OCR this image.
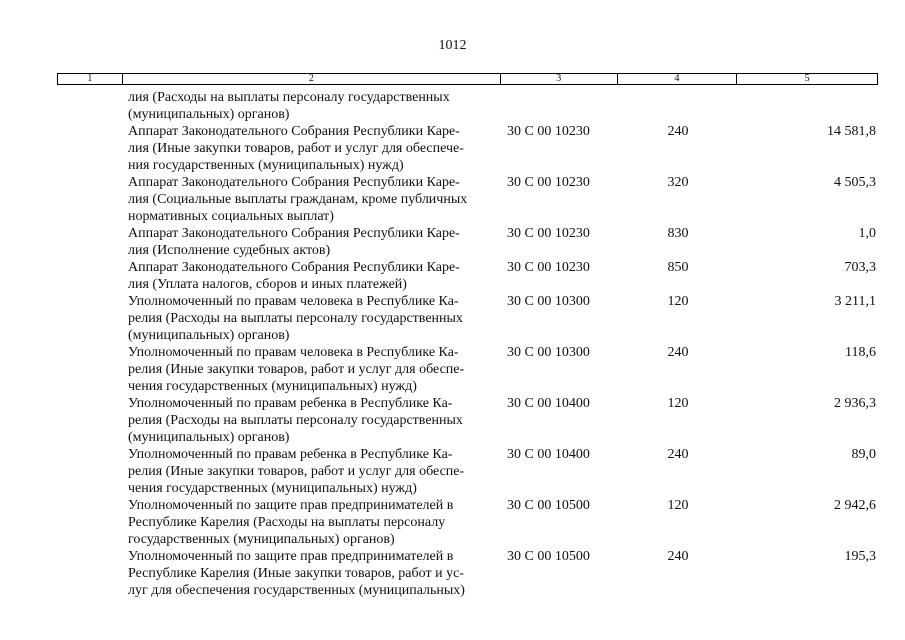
1012
1	2	3	4	5
лия (Расходы на выплаты персоналу государственных
(муниципальных) органов)
Аппарат Законодательного Собрания Республики Каре-
лия (Иные закупки товаров, работ и услуг для обеспече-
ния государственных (муниципальных) нужд)
30 С 00 10230	240	14 581,8
Аппарат Законодательного Собрания Республики Каре-
лия (Социальные выплаты гражданам, кроме публичных
нормативных социальных выплат)
30 С 00 10230	320	4 505,3
Аппарат Законодательного Собрания Республики Каре-
лия (Исполнение судебных актов)
30 С 00 10230	830	1,0
Аппарат Законодательного Собрания Республики Каре-
лия (Уплата налогов, сборов и иных платежей)
30 С 00 10230	850	703,3
Уполномоченный по правам человека в Республике Ка-
релия (Расходы на выплаты персоналу государственных
(муниципальных) органов)
30 С 00 10300	120	3 211,1
Уполномоченный по правам человека в Республике Ка-
релия (Иные закупки товаров, работ и услуг для обеспе-
чения государственных (муниципальных) нужд)
30 С 00 10300	240	118,6
Уполномоченный по правам ребенка в Республике Ка-
релия (Расходы на выплаты персоналу государственных
(муниципальных) органов)
30 С 00 10400	120	2 936,3
Уполномоченный по правам ребенка в Республике Ка-
релия (Иные закупки товаров, работ и услуг для обеспе-
чения государственных (муниципальных) нужд)
30 С 00 10400	240	89,0
Уполномоченный по защите прав предпринимателей в
Республике Карелия (Расходы на выплаты персоналу
государственных (муниципальных) органов)
30 С 00 10500	120	2 942,6
Уполномоченный по защите прав предпринимателей в
Республике Карелия (Иные закупки товаров, работ и ус-
луг для обеспечения государственных (муниципальных)
30 С 00 10500	240	195,3
